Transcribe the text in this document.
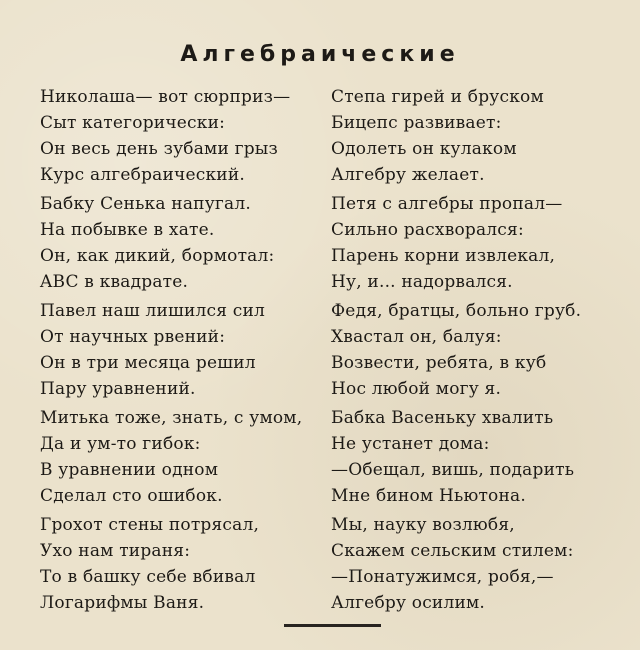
Алгебраические
Николаша— вот сюрприз—
Сыт категорически:
Он весь день зубами грыз
Курс алгебраический.
Бабку Сенька напугал.
На побывке в хате.
Он, как дикий, бормотал:
ABC в квадрате.
Павел наш лишился сил
От научных рвений:
Он в три месяца решил
Пару уравнений.
Митька тоже, знать, с умом,
Да и ум-то гибок:
В уравнении одном
Сделал сто ошибок.
Грохот стены потрясал,
Ухо нам тираня:
То в башку себе вбивал
Логарифмы Ваня.
Степа гирей и бруском
Бицепс развивает:
Одолеть он кулаком
Алгебру желает.
Петя с алгебры пропал—
Сильно расхворался:
Парень корни извлекал,
Ну, и... надорвался.
Федя, братцы, больно груб.
Хвастал он, балуя:
Возвести, ребята, в куб
Нос любой могу я.
Бабка Васеньку хвалить
Не устанет дома:
—Обещал, вишь, подарить
Мне бином Ньютона.
Мы, науку возлюбя,
Скажем сельским стилем:
—Понатужимся, робя,—
Алгебру осилим.
